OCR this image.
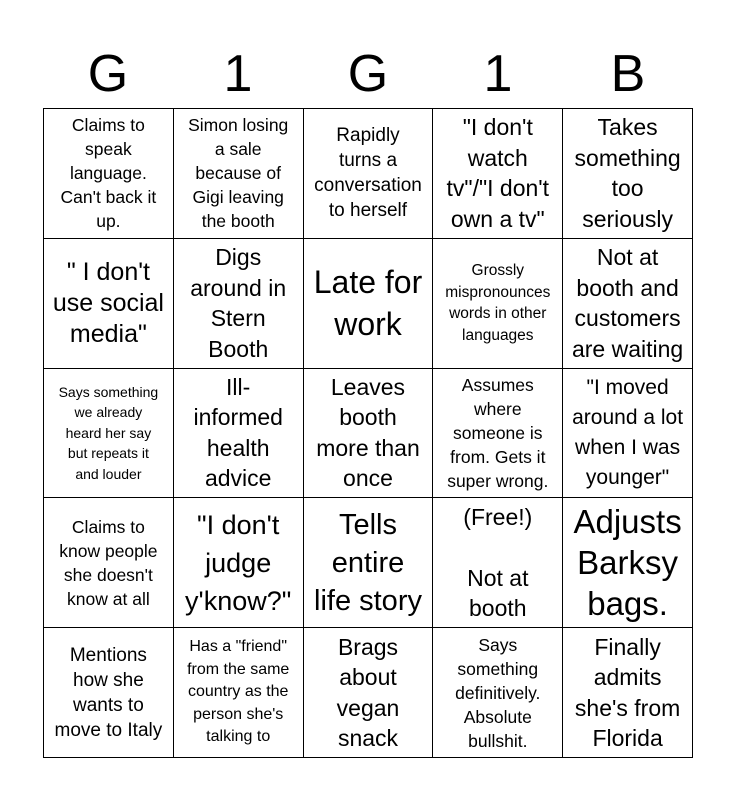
G	1	G	1	B
Claims to
speak
language.
Can't back it
up.
Simon losing
a sale
because of
Gigi leaving
the booth
Rapidly
turns a
conversation
to herself
"I don't
watch
tv"/"I don't
own a tv"
Takes
something
too
seriously
" I don't
use social
media"
Digs
around in
Stern
Booth
Late for
work
Grossly
mispronounces
words in other
languages
Not at
booth and
customers
are waiting
Says something
we already
heard her say
but repeats it
and louder
Ill-
informed
health
advice
Leaves
booth
more than
once
Assumes
where
someone is
from. Gets it
super wrong.
"I moved
around a lot
when I was
younger"
Claims to
know people
she doesn't
know at all
"I don't
judge
y'know?"
Tells
entire
life story
(Free!)

Not at
booth
Adjusts
Barksy
bags.
Mentions
how she
wants to
move to Italy
Has a "friend"
from the same
country as the
person she's
talking to
Brags
about
vegan
snack
Says
something
definitively.
Absolute
bullshit.
Finally
admits
she's from
Florida
